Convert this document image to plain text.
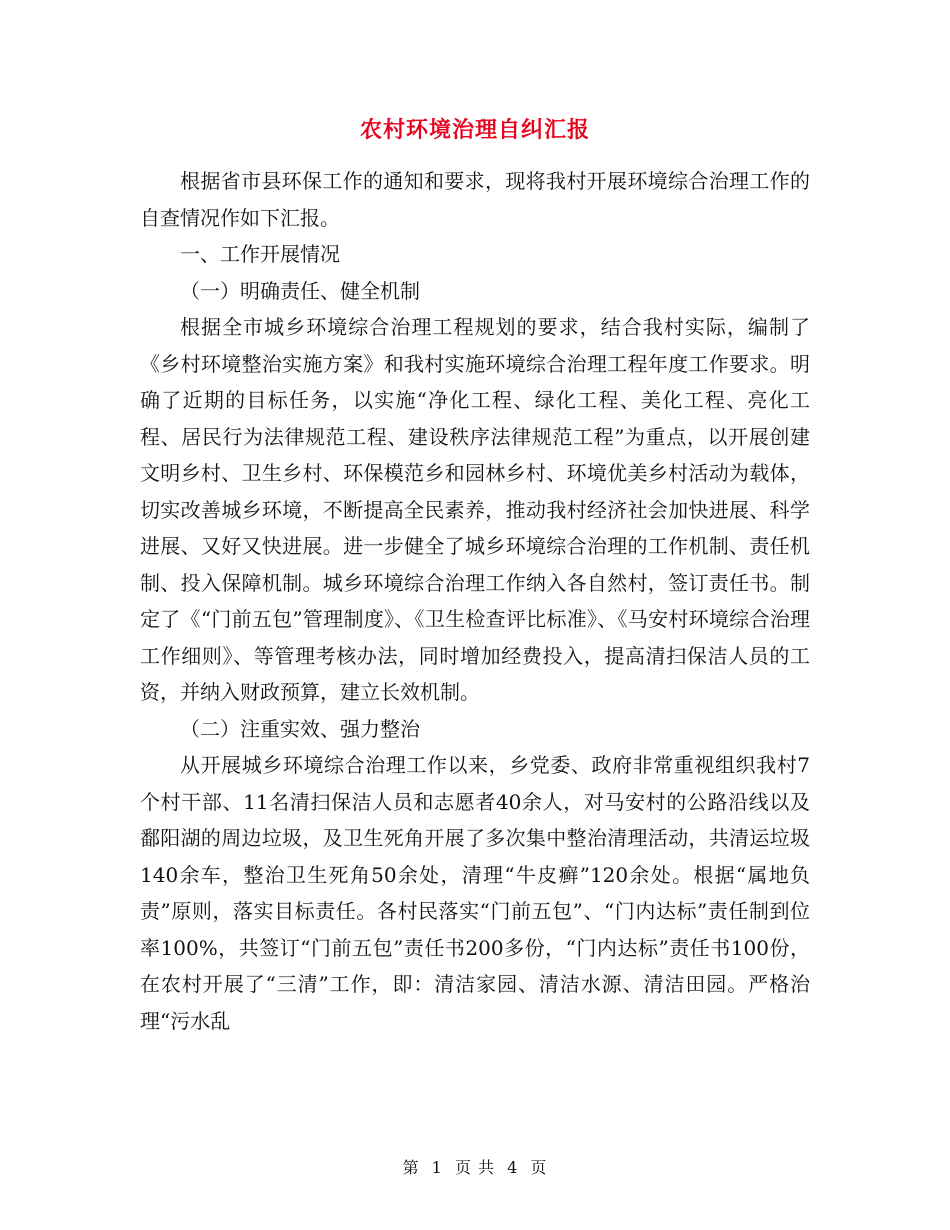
农村环境治理自纠汇报

根据省市县环保工作的通知和要求，现将我村开展环境综合治理工作的自查情况作如下汇报。

一、工作开展情况

（一）明确责任、健全机制

根据全市城乡环境综合治理工程规划的要求，结合我村实际，编制了《乡村环境整治实施方案》和我村实施环境综合治理工程年度工作要求。明确了近期的目标任务，以实施“净化工程、绿化工程、美化工程、亮化工程、居民行为法律规范工程、建设秩序法律规范工程”为重点，以开展创建文明乡村、卫生乡村、环保模范乡和园林乡村、环境优美乡村活动为载体，切实改善城乡环境，不断提高全民素养，推动我村经济社会加快进展、科学进展、又好又快进展。进一步健全了城乡环境综合治理的工作机制、责任机制、投入保障机制。城乡环境综合治理工作纳入各自然村，签订责任书。制定了《“门前五包”管理制度》、《卫生检查评比标准》、《马安村环境综合治理工作细则》、等管理考核办法，同时增加经费投入，提高清扫保洁人员的工资，并纳入财政预算，建立长效机制。

（二）注重实效、强力整治

从开展城乡环境综合治理工作以来，乡党委、政府非常重视组织我村7个村干部、11名清扫保洁人员和志愿者40余人，对马安村的公路沿线以及鄱阳湖的周边垃圾，及卫生死角开展了多次集中整治清理活动，共清运垃圾140余车，整治卫生死角50余处，清理“牛皮癣”120余处。根据“属地负责”原则，落实目标责任。各村民落实“门前五包”、“门内达标”责任制到位率100%，共签订“门前五包”责任书200多份，“门内达标”责任书100份，在农村开展了“三清”工作，即：清洁家园、清洁水源、清洁田园。严格治理“污水乱

第 1 页 共 4 页
